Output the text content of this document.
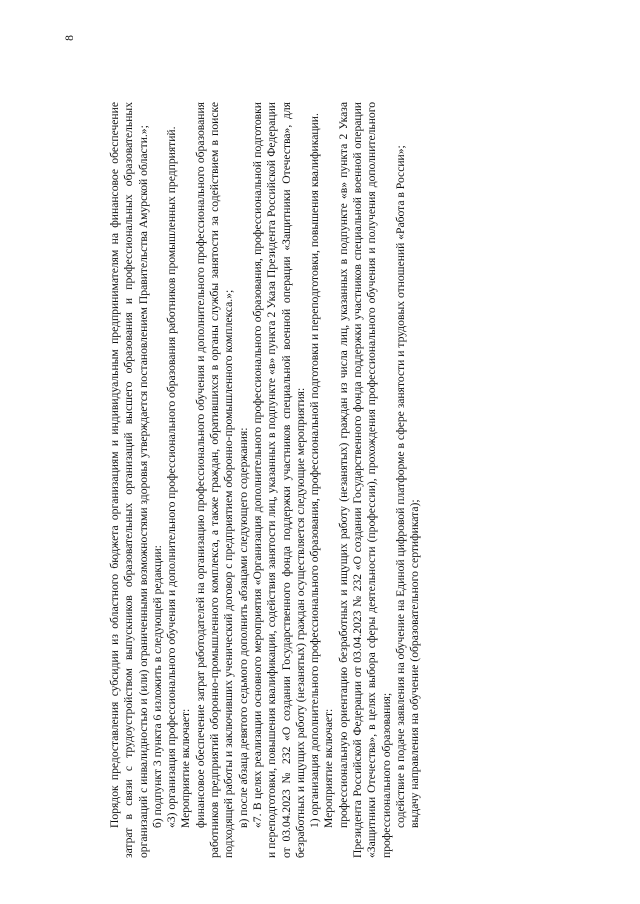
8

Порядок предоставления субсидии из областного бюджета организациям и индивидуальным предпринимателям на финансовое обеспечение затрат в связи с трудоустройством выпускников образовательных организаций высшего образования и профессиональных образовательных организаций с инвалидностью и (или) ограниченными возможностями здоровья утверждается постановлением Правительства Амурской области.»; б) подпункт 3 пункта 6 изложить в следующей редакции: «3) организация профессионального обучения и дополнительного профессионального образования работников промышленных предприятий. Мероприятие включает: финансовое обеспечение затрат работодателей на организацию профессионального обучения и дополнительного профессионального образования работников предприятий оборонно-промышленного комплекса, а также граждан, обратившихся в органы службы занятости за содействием в поиске подходящей работы и заключивших ученический договор с предприятием оборонно-промышленного комплекса.»; в) после абзаца девятого седьмого дополнить абзацами следующего содержания: «7. В целях реализации основного мероприятия «Организация дополнительного профессионального образования, профессиональной подготовки и переподготовки, повышения квалификации, содействия занятости лиц, указанных в подпункте «в» пункта 2 Указа Президента Российской Федерации от 03.04.2023 № 232 «О создании Государственного фонда поддержки участников специальной военной операции «Защитники Отечества», для безработных и ищущих работу (незанятых) граждан осуществляется следующие мероприятия: 1) организация дополнительного профессионального образования, профессиональной подготовки и переподготовки, повышения квалификации. Мероприятие включает: профессиональную ориентацию безработных и ищущих работу (незанятых) граждан из числа лиц, указанных в подпункте «в» пункта 2 Указа Президента Российской Федерации от 03.04.2023 № 232 «О создании Государственного фонда поддержки участников специальной военной операции «Защитники Отечества», в целях выбора сферы деятельности (профессии), прохождения профессионального обучения и получения дополнительного профессионального образования; содействие в подаче заявления на обучение на Единой цифровой платформе в сфере занятости и трудовых отношений «Работа в России»; выдачу направления на обучение (образовательного сертификата);
